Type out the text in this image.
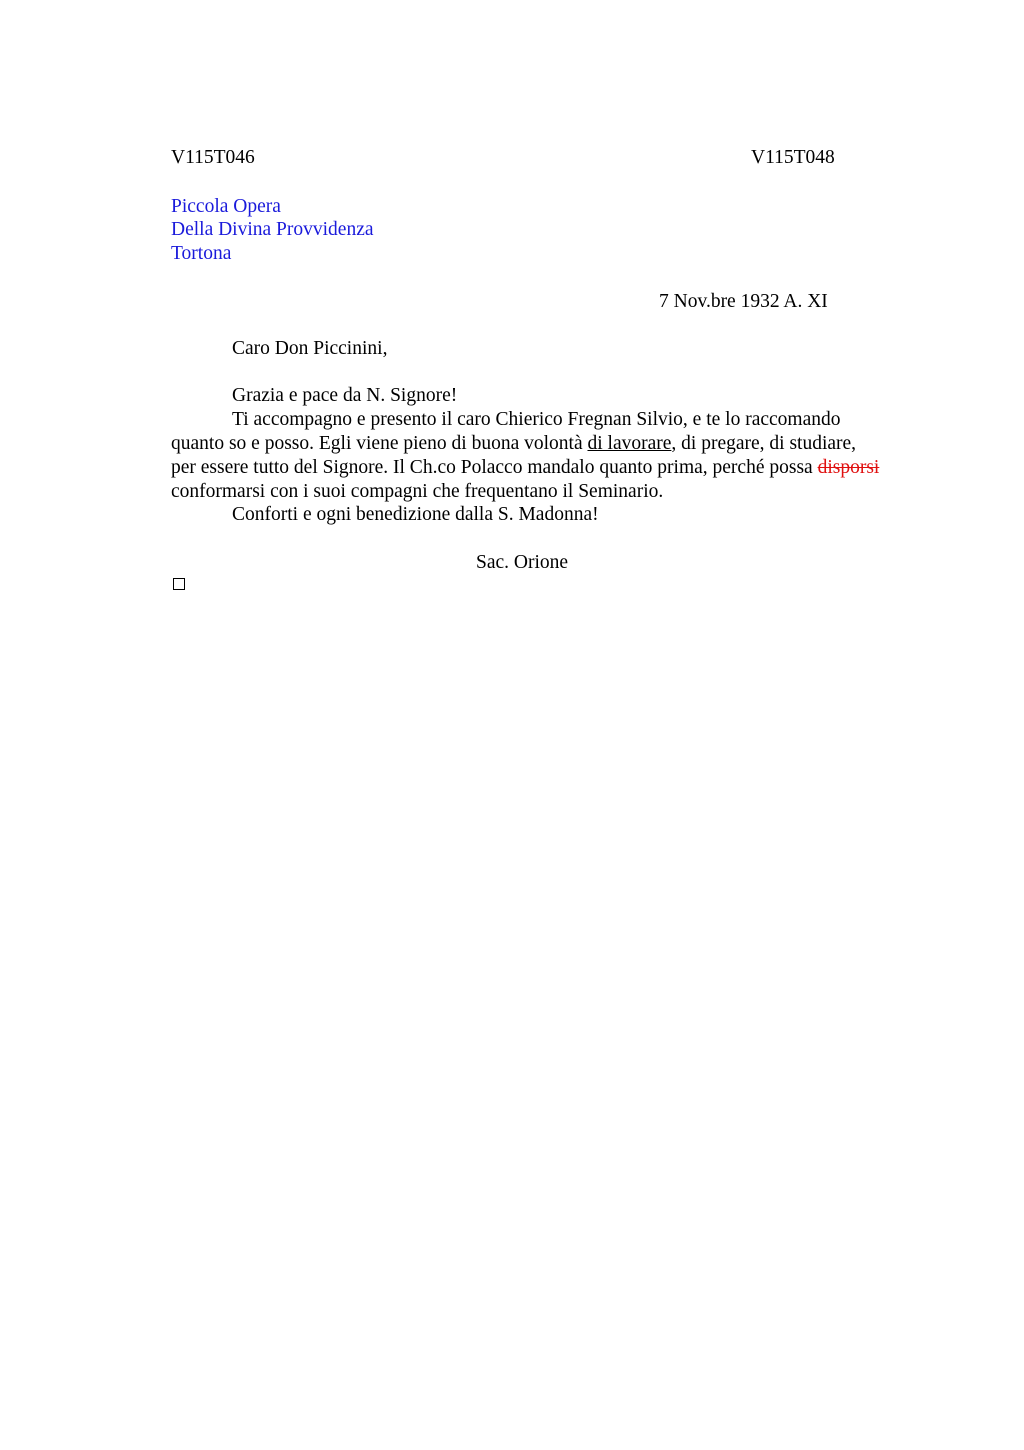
V115T046	V115T048
Piccola Opera
Della Divina Provvidenza
Tortona
7 Nov.bre 1932 A. XI
Caro Don Piccinini,
Grazia e pace da N. Signore!
Ti accompagno e presento il caro Chierico Fregnan Silvio, e te lo raccomando
quanto so e posso. Egli viene pieno di buona volontà di lavorare, di pregare, di studiare,
per essere tutto del Signore. Il Ch.co Polacco mandalo quanto prima, perché possa disporsi
conformarsi con i suoi compagni che frequentano il Seminario.
Conforti e ogni benedizione dalla S. Madonna!
Sac. Orione
